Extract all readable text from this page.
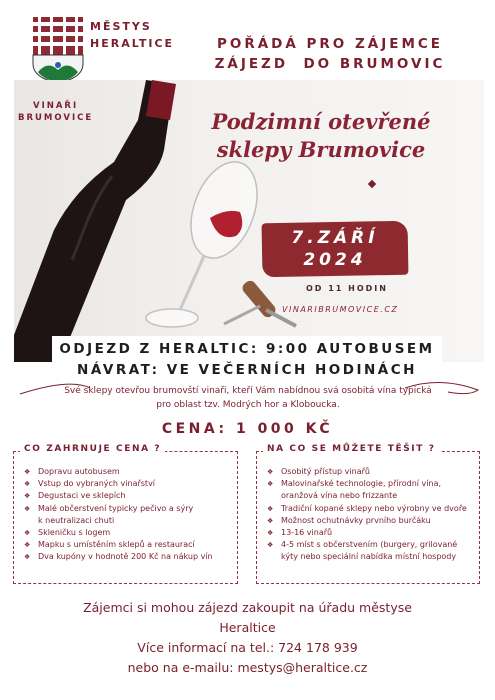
MĚSTYS
HERALTICE	POŘÁDÁ PRO ZÁJEMCE
ZÁJEZD  DO BRUMOVIC
VINAŘI
BRUMOVICE	Podzimní otevřené
sklepy Brumovice
7.ZÁŘÍ
2024
OD 11 HODIN
VINARIBRUMOVICE.CZ
ODJEZD Z HERALTIC: 9:00 AUTOBUSEM
NÁVRAT: VE VEČERNÍCH HODINÁCH
Své sklepy otevřou brumovští vinaři, kteří Vám nabídnou svá osobitá vína typická pro oblast tzv. Modrých hor a Kloboucka.
CENA: 1 000 KČ
CO ZAHRNUJE CENA ?
❖ Dopravu autobusem
❖ Vstup do vybraných vinařství
❖ Degustaci ve sklepích
❖ Malé občerstvení typicky pečivo a sýry
k neutralizaci chuti
❖ Skleničku s logem
❖ Mapku s umístěním sklepů a restaurací
❖ Dva kupóny v hodnotě 200 Kč na nákup vín
NA CO SE MŮŽETE TĚŠIT ?
❖ Osobitý přístup vinařů
❖ Malovinařské technologie, přírodní vína,
oranžová vína nebo frizzante
❖ Tradiční kopané sklepy nebo výrobny ve dvoře
❖ Možnost ochutnávky prvního burčáku
❖ 13-16 vinařů
❖ 4-5 míst s občerstvením (burgery, grilované
kýty nebo speciální nabídka místní hospody
Zájemci si mohou zájezd zakoupit na úřadu městyse
Heraltice
Více informací na tel.: 724 178 939
nebo na e-mailu: mestys@heraltice.cz
